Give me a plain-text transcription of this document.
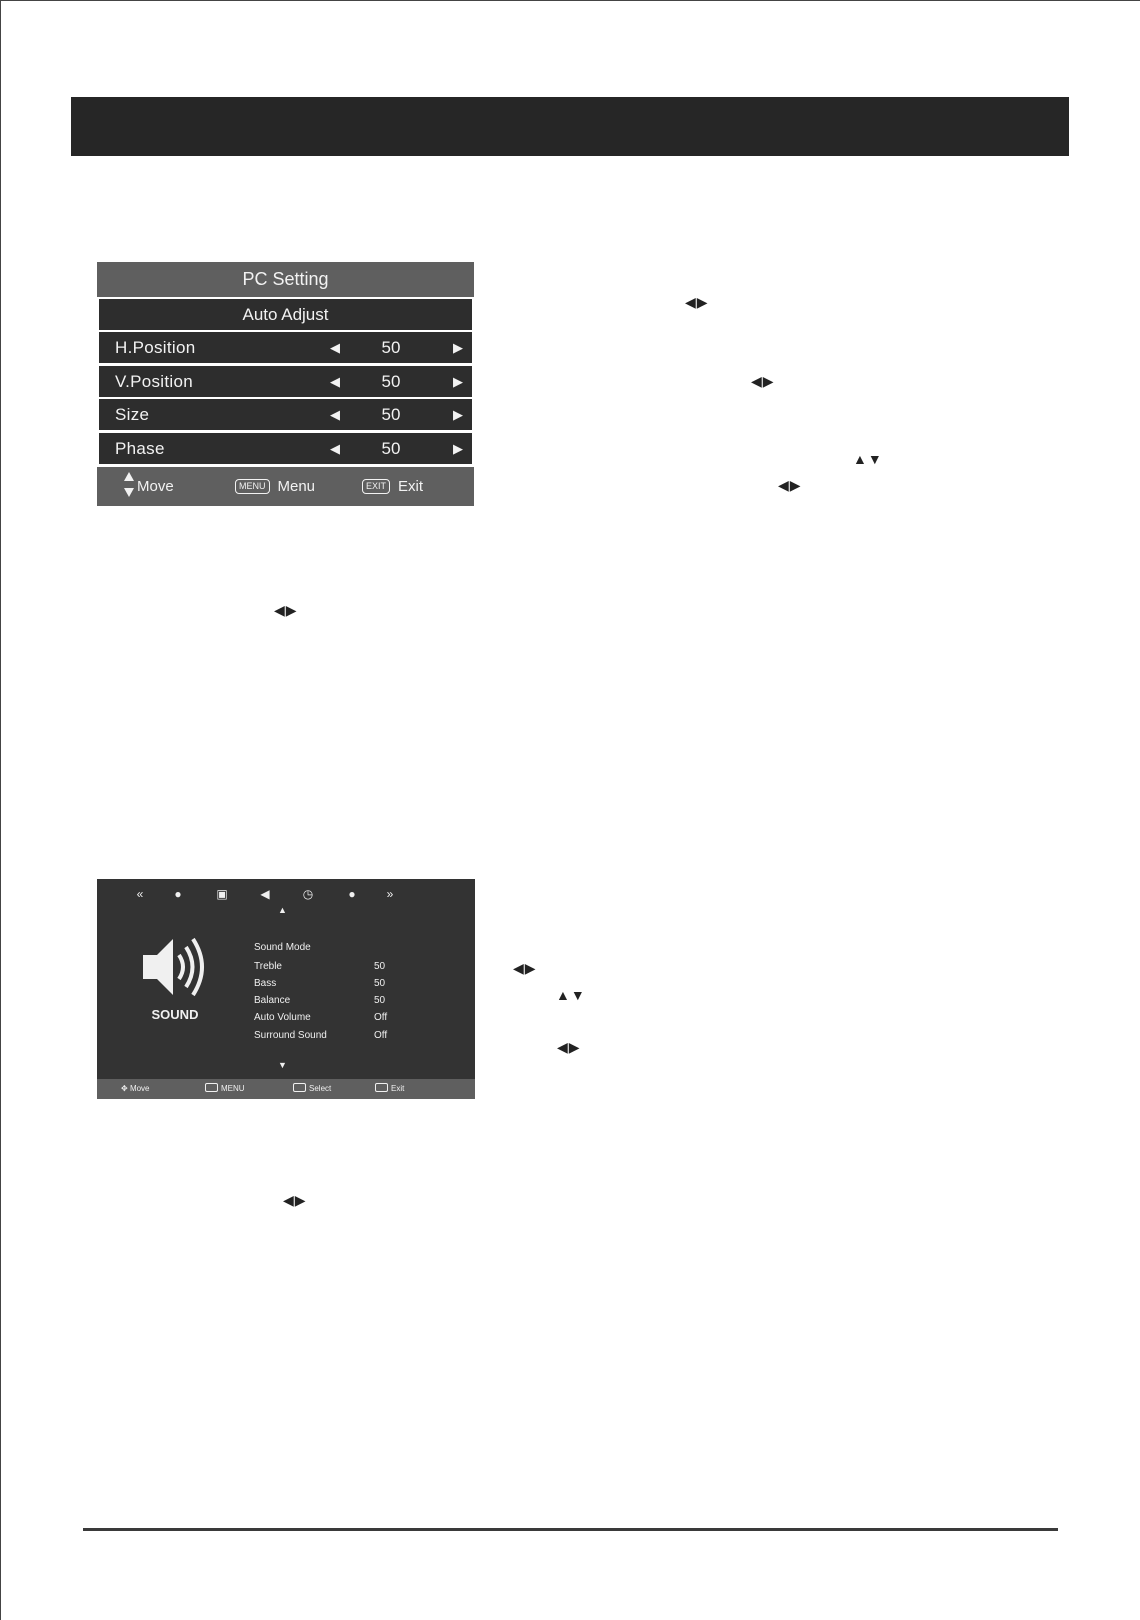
PC Setting
Auto Adjust
H.Position	◀	50	▶
V.Position	◀	50	▶
Size	◀	50	▶
Phase	◀	50	▶
Move	MENU Menu	EXIT Exit
◀▶
◀▶
▲▼
◀▶
◀▶
«	●	▣	◀	◷	●	»
▲
SOUND
Sound Mode
Treble	50
Bass	50
Balance	50
Auto Volume	Off
Surround Sound	Off
▼
✥ Move	MENU	Select	Exit
◀▶
▲▼
◀▶
◀▶
